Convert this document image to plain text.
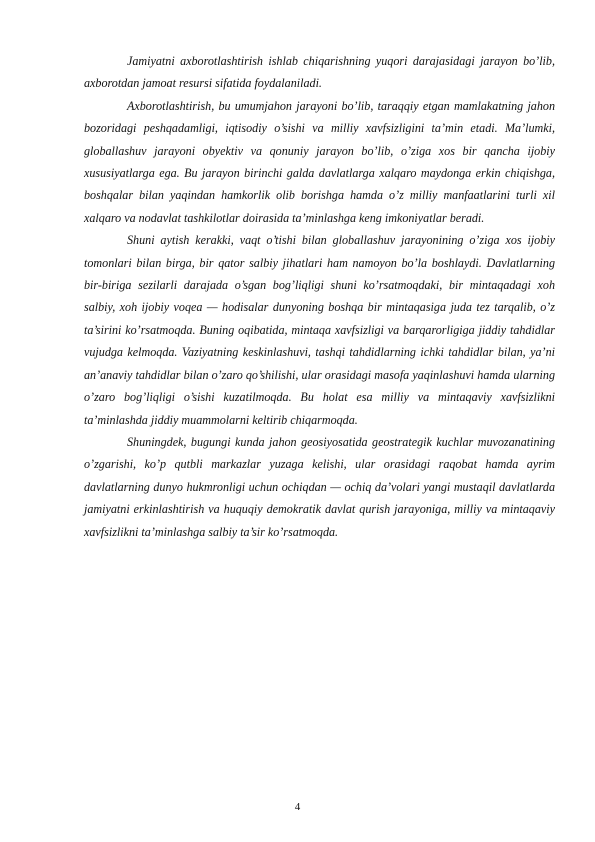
Jamiyatni axborotlashtirish ishlab chiqarishning yuqori darajasidagi jarayon bo’lib, axborotdan jamoat resursi sifatida foydalaniladi.

Axborotlashtirish, bu umumjahon jarayoni bo’lib, taraqqiy etgan mamlakatning jahon bozoridagi peshqadamligi, iqtisodiy o’sishi va milliy xavfsizligini ta’min etadi. Ma’lumki, globallashuv jarayoni obyektiv va qonuniy jarayon bo’lib, o’ziga xos bir qancha ijobiy xususiyatlarga ega. Bu jarayon birinchi galda davlatlarga xalqaro maydonga erkin chiqishga, boshqalar bilan yaqindan hamkorlik olib borishga hamda o’z milliy manfaatlarini turli xil xalqaro va nodavlat tashkilotlar doirasida ta’minlashga keng imkoniyatlar beradi.

Shuni aytish kerakki, vaqt o’tishi bilan globallashuv jarayonining o’ziga xos ijobiy tomonlari bilan birga, bir qator salbiy jihatlari ham namoyon bo’la boshlaydi. Davlatlarning bir-biriga sezilarli darajada o’sgan bog’liqligi shuni ko’rsatmoqdaki, bir mintaqadagi xoh salbiy, xoh ijobiy voqea — hodisalar dunyoning boshqa bir mintaqasiga juda tez tarqalib, o’z ta’sirini ko’rsatmoqda. Buning oqibatida, mintaqa xavfsizligi va barqarorligiga jiddiy tahdidlar vujudga kelmoqda. Vaziyatning keskinlashuvi, tashqi tahdidlarning ichki tahdidlar bilan, ya’ni an’anaviy tahdidlar bilan o’zaro qo’shilishi, ular orasidagi masofa yaqinlashuvi hamda ularning o’zaro bog’liqligi o’sishi kuzatilmoqda. Bu holat esa milliy va mintaqaviy xavfsizlikni ta’minlashda jiddiy muammolarni keltirib chiqarmoqda.

Shuningdek, bugungi kunda jahon geosiyosatida geostrategik kuchlar muvozanatining o’zgarishi, ko’p qutbli markazlar yuzaga kelishi, ular orasidagi raqobat hamda ayrim davlatlarning dunyo hukmronligi uchun ochiqdan — ochiq da’volari yangi mustaqil davlatlarda jamiyatni erkinlashtirish va huquqiy demokratik davlat qurish jarayoniga, milliy va mintaqaviy xavfsizlikni ta’minlashga salbiy ta’sir ko’rsatmoqda.

4
